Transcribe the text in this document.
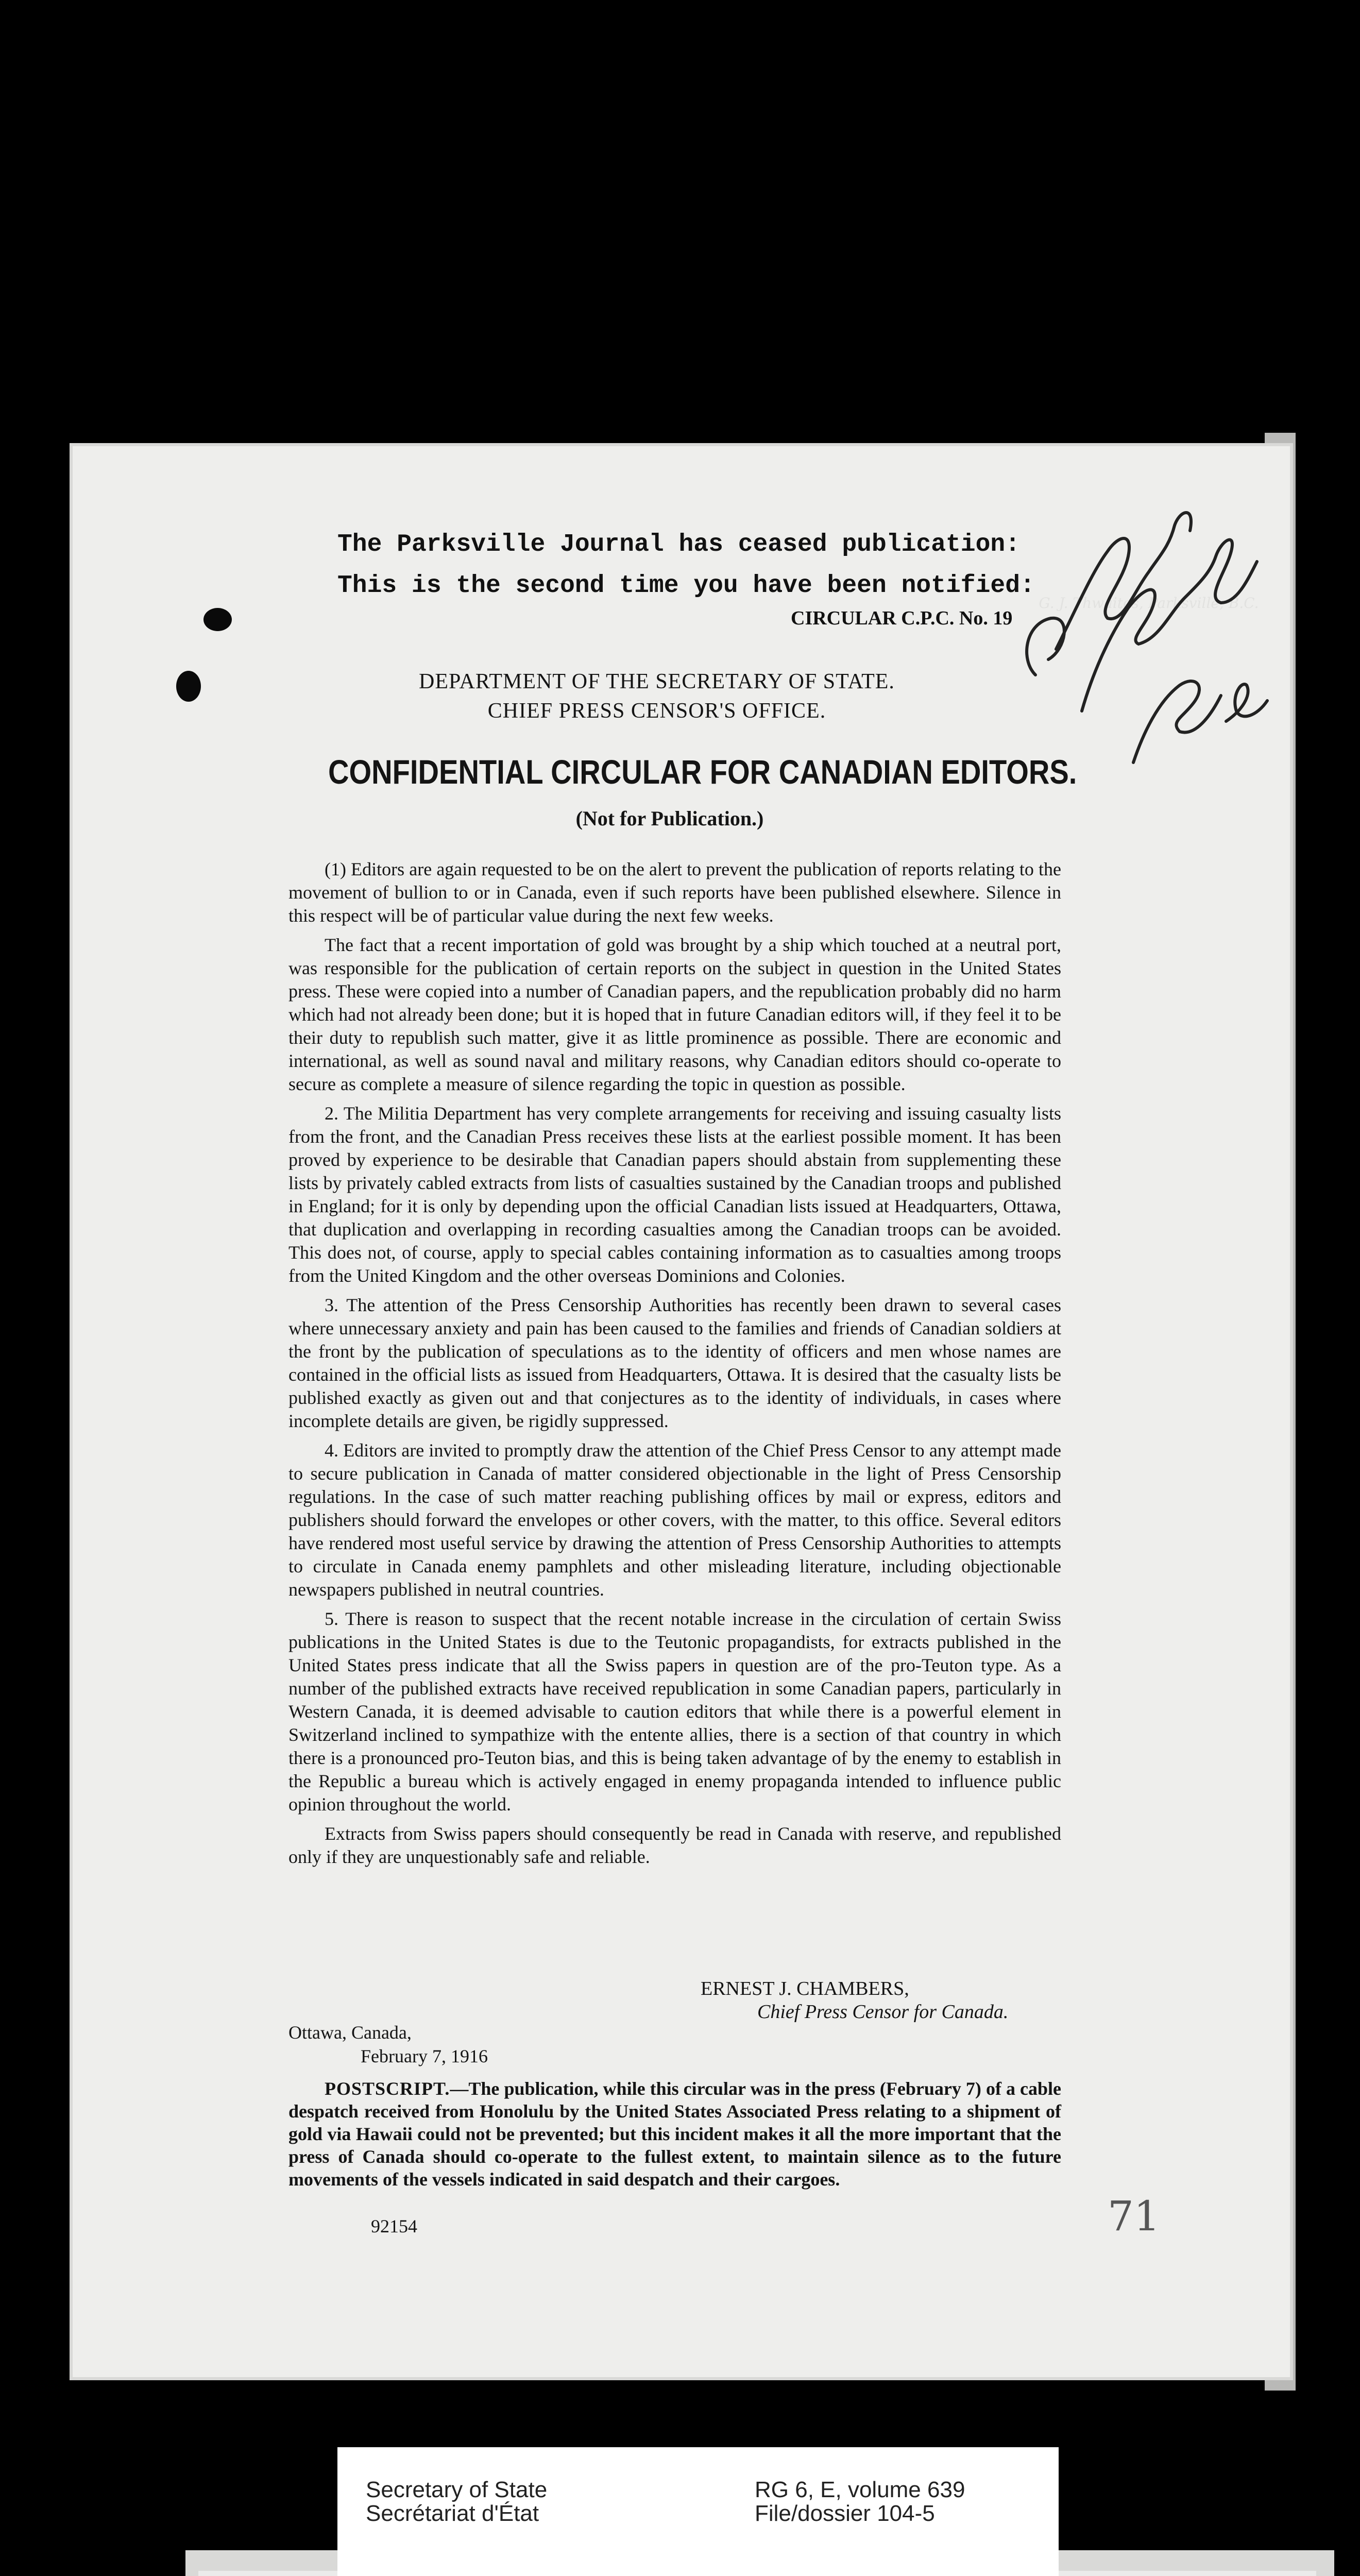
The Parksville Journal has ceased publication:
This is the second time you have been notified:
CIRCULAR C.P.C. No. 19
G. J. Thwaites, Parksville, B.C.
DEPARTMENT OF THE SECRETARY OF STATE.
CHIEF PRESS CENSOR'S OFFICE.
CONFIDENTIAL CIRCULAR FOR CANADIAN EDITORS.
(Not for Publication.)

(1) Editors are again requested to be on the alert to prevent the publication of reports relating to the movement of bullion to or in Canada, even if such reports have been published elsewhere. Silence in this respect will be of particular value during the next few weeks.

The fact that a recent importation of gold was brought by a ship which touched at a neutral port, was responsible for the publication of certain reports on the subject in question in the United States press. These were copied into a number of Canadian papers, and the republication probably did no harm which had not already been done; but it is hoped that in future Canadian editors will, if they feel it to be their duty to republish such matter, give it as little prominence as possible. There are economic and international, as well as sound naval and military reasons, why Canadian editors should co-operate to secure as complete a measure of silence regarding the topic in question as possible.

2. The Militia Department has very complete arrangements for receiving and issuing casualty lists from the front, and the Canadian Press receives these lists at the earliest possible moment. It has been proved by experience to be desirable that Canadian papers should abstain from supplementing these lists by privately cabled extracts from lists of casualties sustained by the Canadian troops and published in England; for it is only by depending upon the official Canadian lists issued at Headquarters, Ottawa, that duplication and overlapping in recording casualties among the Canadian troops can be avoided. This does not, of course, apply to special cables containing information as to casualties among troops from the United Kingdom and the other overseas Dominions and Colonies.

3. The attention of the Press Censorship Authorities has recently been drawn to several cases where unnecessary anxiety and pain has been caused to the families and friends of Canadian soldiers at the front by the publication of speculations as to the identity of officers and men whose names are contained in the official lists as issued from Headquarters, Ottawa. It is desired that the casualty lists be published exactly as given out and that conjectures as to the identity of individuals, in cases where incomplete details are given, be rigidly suppressed.

4. Editors are invited to promptly draw the attention of the Chief Press Censor to any attempt made to secure publication in Canada of matter considered objectionable in the light of Press Censorship regulations. In the case of such matter reaching publishing offices by mail or express, editors and publishers should forward the envelopes or other covers, with the matter, to this office. Several editors have rendered most useful service by drawing the attention of Press Censorship Authorities to attempts to circulate in Canada enemy pamphlets and other misleading literature, including objectionable newspapers published in neutral countries.

5. There is reason to suspect that the recent notable increase in the circulation of certain Swiss publications in the United States is due to the Teutonic propagandists, for extracts published in the United States press indicate that all the Swiss papers in question are of the pro-Teuton type. As a number of the published extracts have received republication in some Canadian papers, particularly in Western Canada, it is deemed advisable to caution editors that while there is a powerful element in Switzerland inclined to sympathize with the entente allies, there is a section of that country in which there is a pronounced pro-Teuton bias, and this is being taken advantage of by the enemy to establish in the Republic a bureau which is actively engaged in enemy propaganda intended to influence public opinion throughout the world.

Extracts from Swiss papers should consequently be read in Canada with reserve, and republished only if they are unquestionably safe and reliable.

ERNEST J. CHAMBERS,
Chief Press Censor for Canada.
Ottawa, Canada,
February 7, 1916
POSTSCRIPT.—The publication, while this circular was in the press (February 7) of a cable despatch received from Honolulu by the United States Associated Press relating to a shipment of gold via Hawaii could not be prevented; but this incident makes it all the more important that the press of Canada should co-operate to the fullest extent, to maintain silence as to the future movements of the vessels indicated in said despatch and their cargoes.
92154	71
Secretary of State
Secrétariat d'État
RG 6, E, volume 639
File/dossier 104-5
